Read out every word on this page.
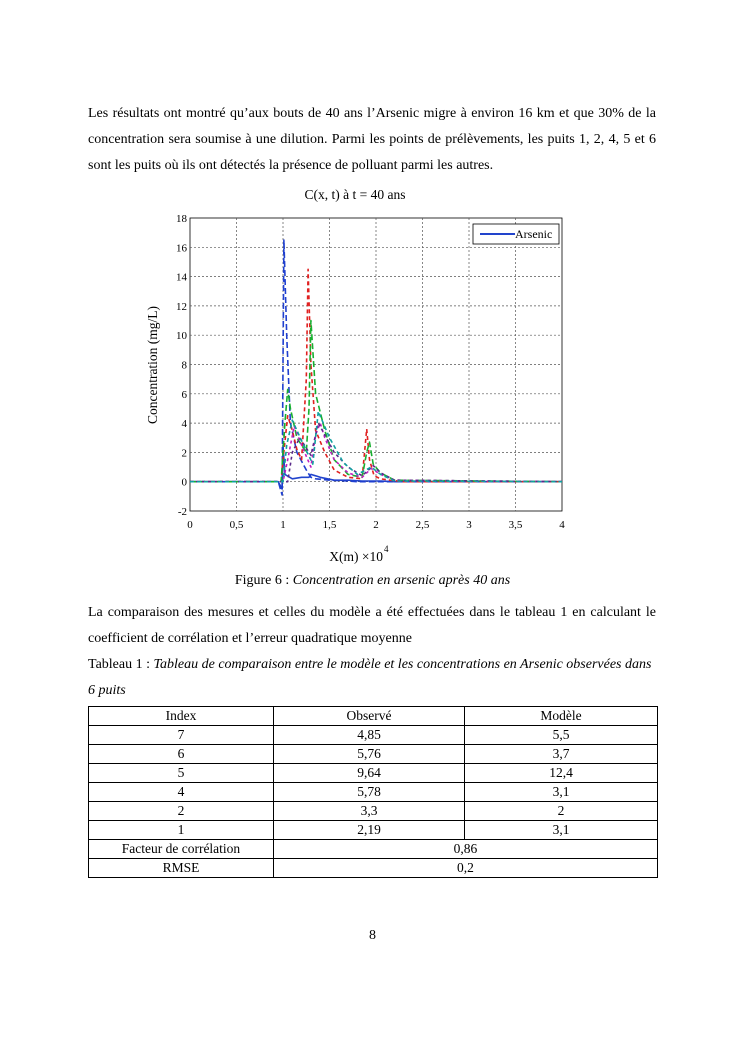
Les résultats ont montré qu’aux bouts de 40 ans l’Arsenic migre à environ 16 km et que 30% de la concentration sera soumise à une dilution. Parmi les points de prélèvements, les puits 1, 2, 4, 5 et 6 sont les puits où ils ont détectés la présence de polluant parmi les autres.

C(x, t) à t = 40 ans
0	0,5	1	1,5	2	2,5	3	3,5	4
-2
0
2
4
6
8
10
12
14
16
18
Arsenic
Concentration (mg/L)
X(m) ×10 4
Figure 6 : Concentration en arsenic après 40 ans

La comparaison des mesures et celles du modèle a été effectuées dans le tableau 1 en calculant le coefficient de corrélation et l’erreur quadratique moyenne

Tableau 1 : Tableau de comparaison entre le modèle et les concentrations en Arsenic observées dans 6 puits
Index	Observé	Modèle
7	4,85	5,5
6	5,76	3,7
5	9,64	12,4
4	5,78	3,1
2	3,3	2
1	2,19	3,1
Facteur de corrélation	0,86	
RMSE	0,2	
8
